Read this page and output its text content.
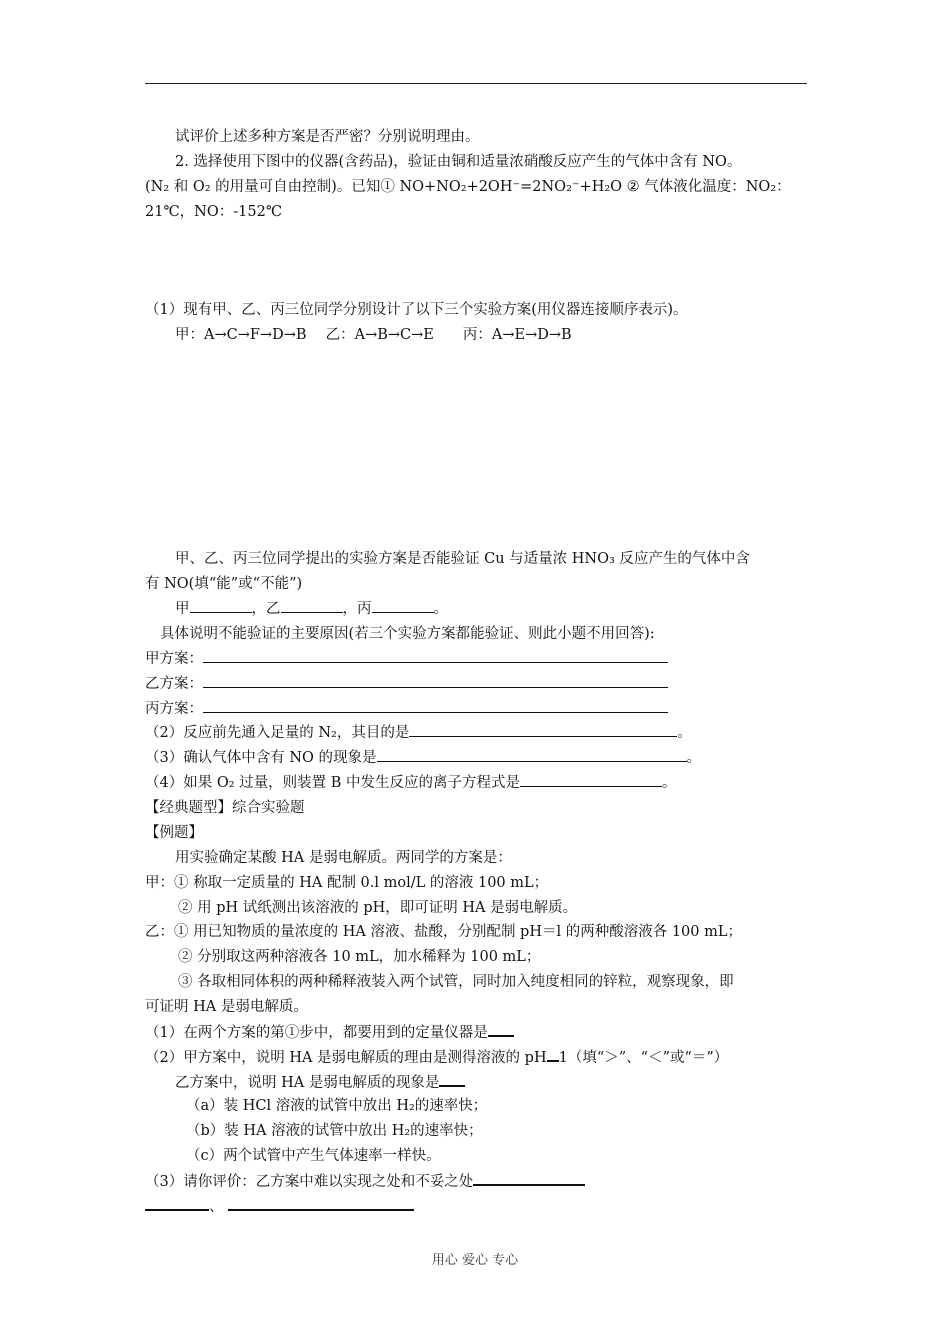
试评价上述多种方案是否严密？分别说明理由。
2. 选择使用下图中的仪器(含药品)，验证由铜和适量浓硝酸反应产生的气体中含有 NO。
(N₂ 和 O₂ 的用量可自由控制)。已知① NO+NO₂+2OH⁻=2NO₂⁻+H₂O ② 气体液化温度：NO₂：
21℃，NO：-152℃
（1）现有甲、乙、丙三位同学分别设计了以下三个实验方案(用仪器连接顺序表示)。
甲：A→C→F→D→B　 乙：A→B→C→E　　丙：A→E→D→B
甲、乙、丙三位同学提出的实验方案是否能验证 Cu 与适量浓 HNO₃ 反应产生的气体中含
有 NO(填“能”或“不能”)
甲	，乙	，丙	。
具体说明不能验证的主要原因(若三个实验方案都能验证、则此小题不用回答):
甲方案：
乙方案：
丙方案：
（2）反应前先通入足量的 N₂，其目的是	。
（3）确认气体中含有 NO 的现象是	。
（4）如果 O₂ 过量，则装置 B 中发生反应的离子方程式是	。
【经典题型】综合实验题
【例题】
用实验确定某酸 HA 是弱电解质。两同学的方案是：
甲：① 称取一定质量的 HA 配制 0.l mol/L 的溶液 100 mL；
② 用 pH 试纸测出该溶液的 pH，即可证明 HA 是弱电解质。
乙：① 用已知物质的量浓度的 HA 溶液、盐酸，分别配制 pH＝l 的两种酸溶液各 100 mL；
② 分别取这两种溶液各 10 mL，加水稀释为 100 mL；
③ 各取相同体积的两种稀释液装入两个试管，同时加入纯度相同的锌粒，观察现象，即
可证明 HA 是弱电解质。
（1）在两个方案的第①步中，都要用到的定量仪器是
（2）甲方案中，说明 HA 是弱电解质的理由是测得溶液的 pH 1（填“＞”、“＜”或“＝”）
乙方案中，说明 HA 是弱电解质的现象是
（a）装 HCl 溶液的试管中放出 H₂的速率快；
（b）装 HA 溶液的试管中放出 H₂的速率快；
（c）两个试管中产生气体速率一样快。
（3）请你评价：乙方案中难以实现之处和不妥之处
、
用心 爱心 专心
